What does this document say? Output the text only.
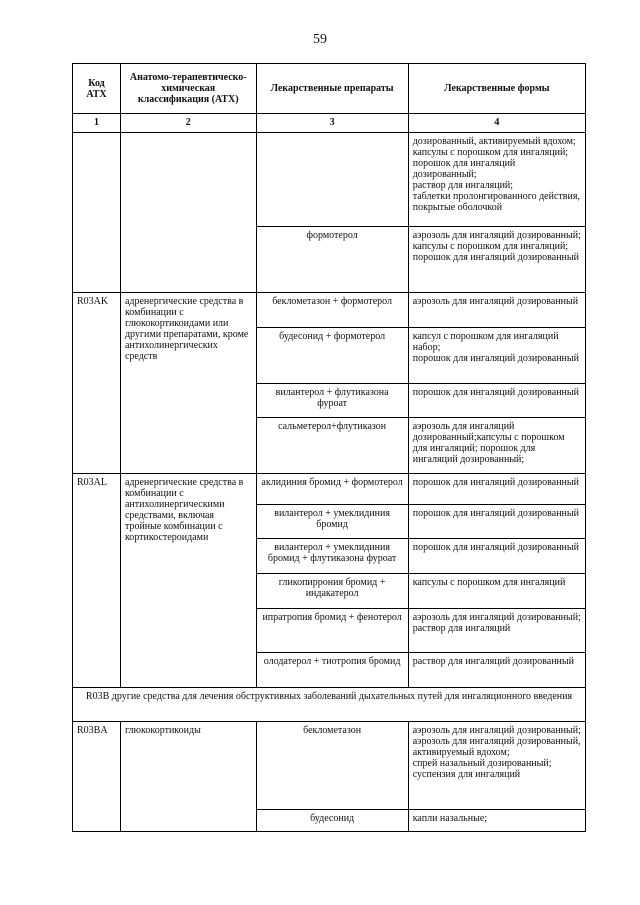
59
Код АТХ	Анатомо-терапевтическо-химическая классификация (АТХ)	Лекарственные препараты	Лекарственные формы
1	2	3	4

			дозированный, активируемый вдохом;
капсулы с порошком для ингаляций;
порошок для ингаляций дозированный;
раствор для ингаляций;
таблетки пролонгированного действия, покрытые оболочкой

		формотерол	аэрозоль для ингаляций дозированный;
капсулы с порошком для ингаляций;
порошок для ингаляций дозированный

R03AK	адренергические средства в комбинации с глюкокортикоидами или другими препаратами, кроме антихолинергических средств	беклометазон + формотерол	аэрозоль для ингаляций дозированный

		будесонид + формотерол	капсул с порошком для ингаляций набор;
порошок для ингаляций дозированный

		вилантерол + флутиказона фуроат	порошок для ингаляций дозированный

		сальметерол+флутиказон	аэрозоль для ингаляций дозированный;капсулы с порошком для ингаляций; порошок для ингаляций дозированный;

R03AL	адренергические средства в комбинации с антихолинергическими средствами, включая тройные комбинации с кортикостероидами	аклидиния бромид + формотерол	порошок для ингаляций дозированный

		вилантерол + умеклидиния бромид	порошок для ингаляций дозированный

		вилантерол + умеклидиния бромид + флутиказона фуроат	порошок для ингаляций дозированный

		гликопиррония бромид + индакатерол	капсулы с порошком для ингаляций

		ипратропия бромид + фенотерол	аэрозоль для ингаляций дозированный;
раствор для ингаляций

		олодатерол + тиотропия бромид	раствор для ингаляций дозированный

R03B другие средства для лечения обструктивных заболеваний дыхательных путей для ингаляционного введения			
R03BA	глюкокортикоиды	беклометазон	аэрозоль для ингаляций дозированный;
аэрозоль для ингаляций дозированный, активируемый вдохом;
спрей назальный дозированный;
суспензия для ингаляций

		будесонид	капли назальные;
